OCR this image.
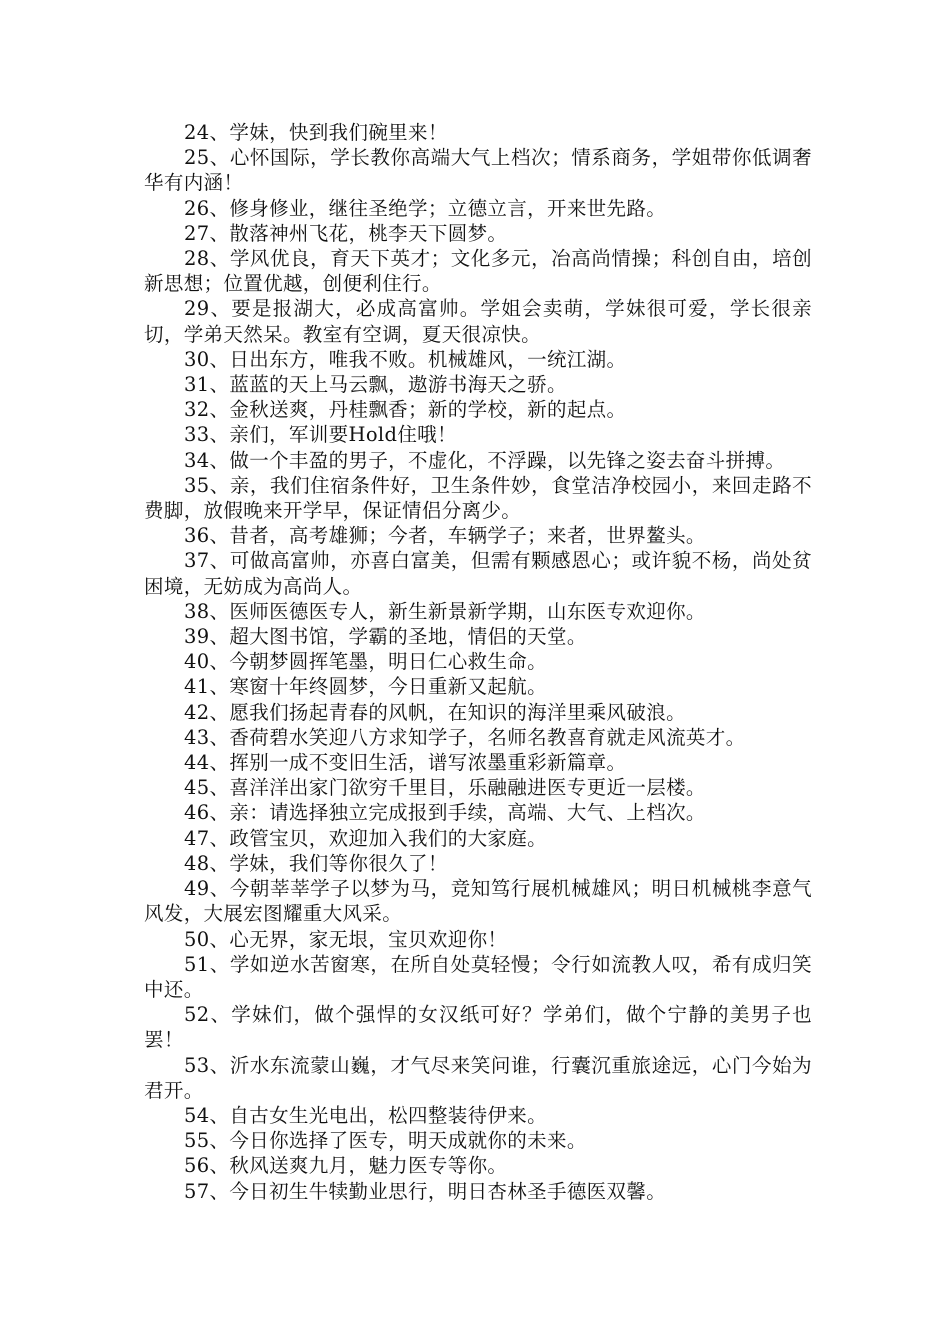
24、学妹，快到我们碗里来！

25、心怀国际，学长教你高端大气上档次；情系商务，学姐带你低调奢华有内涵！

26、修身修业，继往圣绝学；立德立言，开来世先路。

27、散落神州飞花，桃李天下圆梦。

28、学风优良，育天下英才；文化多元，冶高尚情操；科创自由，培创新思想；位置优越，创便利住行。

29、要是报湖大，必成高富帅。学姐会卖萌，学妹很可爱，学长很亲切，学弟天然呆。教室有空调，夏天很凉快。

30、日出东方，唯我不败。机械雄风，一统江湖。

31、蓝蓝的天上马云飘，遨游书海天之骄。

32、金秋送爽，丹桂飘香；新的学校，新的起点。

33、亲们，军训要Hold住哦！

34、做一个丰盈的男子，不虚化，不浮躁，以先锋之姿去奋斗拼搏。

35、亲，我们住宿条件好，卫生条件妙，食堂洁净校园小，来回走路不费脚，放假晚来开学早，保证情侣分离少。

36、昔者，高考雄狮；今者，车辆学子；来者，世界鳌头。

37、可做高富帅，亦喜白富美，但需有颗感恩心；或许貌不杨，尚处贫困境，无妨成为高尚人。

38、医师医德医专人，新生新景新学期，山东医专欢迎你。

39、超大图书馆，学霸的圣地，情侣的天堂。

40、今朝梦圆挥笔墨，明日仁心救生命。

41、寒窗十年终圆梦，今日重新又起航。

42、愿我们扬起青春的风帆，在知识的海洋里乘风破浪。

43、香荷碧水笑迎八方求知学子，名师名教喜育就走风流英才。

44、挥别一成不变旧生活，谱写浓墨重彩新篇章。

45、喜洋洋出家门欲穷千里目，乐融融进医专更近一层楼。

46、亲：请选择独立完成报到手续，高端、大气、上档次。

47、政管宝贝，欢迎加入我们的大家庭。

48、学妹，我们等你很久了！

49、今朝莘莘学子以梦为马，竞知笃行展机械雄风；明日机械桃李意气风发，大展宏图耀重大风采。

50、心无界，家无垠，宝贝欢迎你！

51、学如逆水苦窗寒，在所自处莫轻慢；令行如流教人叹，希有成归笑中还。

52、学妹们，做个强悍的女汉纸可好？学弟们，做个宁静的美男子也罢！

53、沂水东流蒙山巍，才气尽来笑问谁，行囊沉重旅途远，心门今始为君开。

54、自古女生光电出，松四整装待伊来。

55、今日你选择了医专，明天成就你的未来。

56、秋风送爽九月，魅力医专等你。

57、今日初生牛犊勤业思行，明日杏林圣手德医双馨。
